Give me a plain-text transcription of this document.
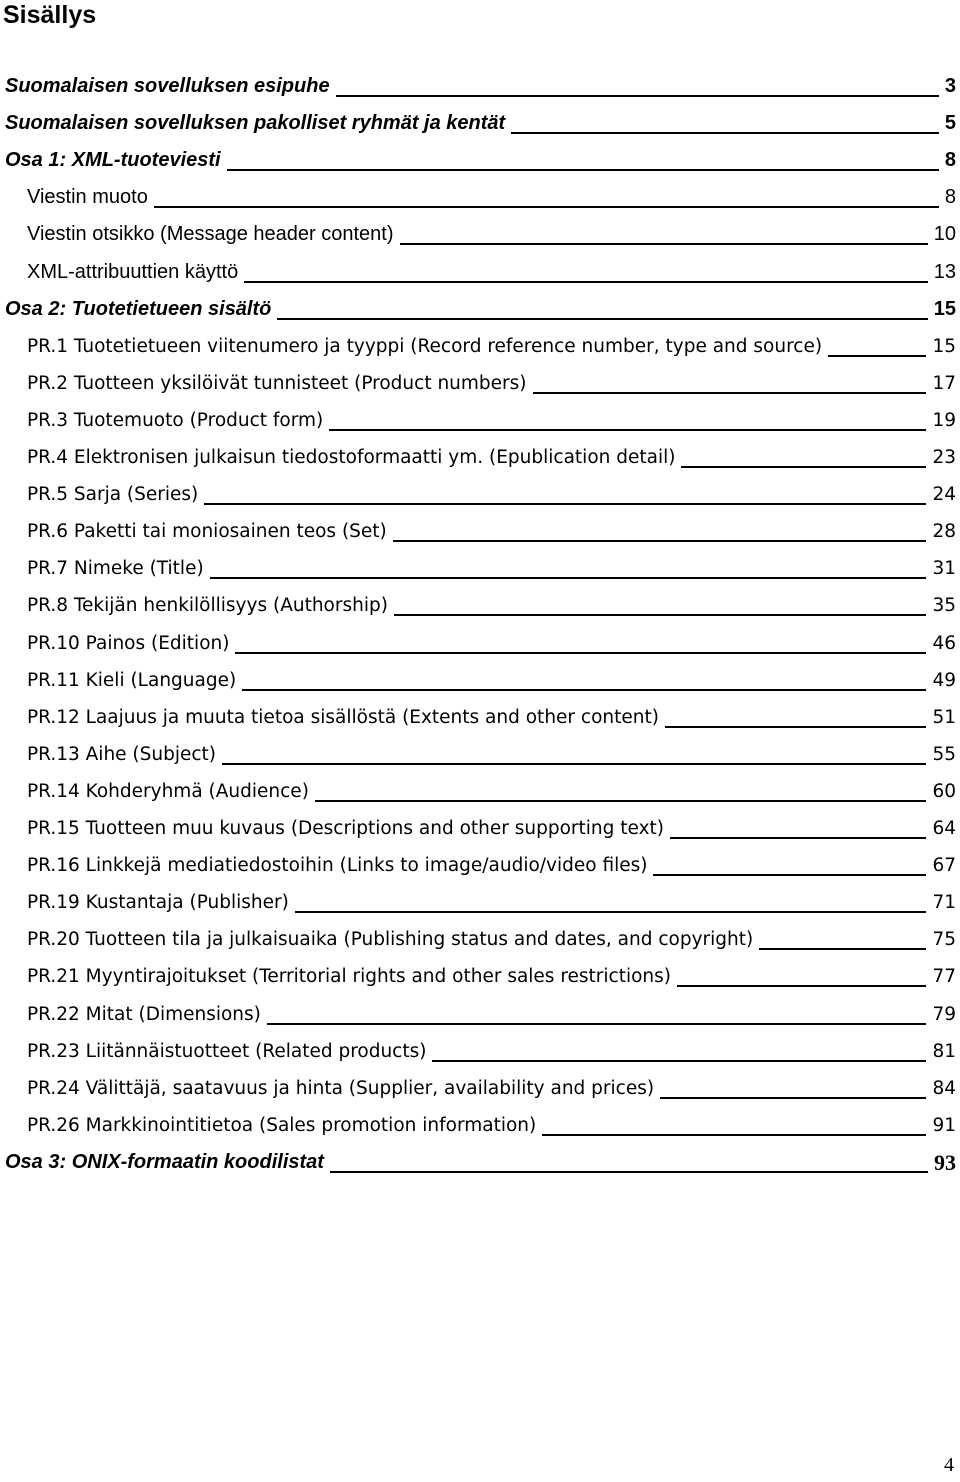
Sisällys
Suomalaisen sovelluksen esipuhe	3
Suomalaisen sovelluksen pakolliset ryhmät ja kentät	5
Osa 1: XML-tuoteviesti	8
Viestin muoto	8
Viestin otsikko (Message header content)	10
XML-attribuuttien käyttö	13
Osa 2: Tuotetietueen sisältö	15
PR.1 Tuotetietueen viitenumero ja tyyppi (Record reference number, type and source)	15
PR.2 Tuotteen yksilöivät tunnisteet (Product numbers)	17
PR.3 Tuotemuoto (Product form)	19
PR.4 Elektronisen julkaisun tiedostoformaatti ym. (Epublication detail)	23
PR.5 Sarja (Series)	24
PR.6 Paketti tai moniosainen teos (Set)	28
PR.7 Nimeke (Title)	31
PR.8 Tekijän henkilöllisyys (Authorship)	35
PR.10 Painos (Edition)	46
PR.11 Kieli (Language)	49
PR.12 Laajuus ja muuta tietoa sisällöstä (Extents and other content)	51
PR.13 Aihe (Subject)	55
PR.14 Kohderyhmä (Audience)	60
PR.15 Tuotteen muu kuvaus (Descriptions and other supporting text)	64
PR.16 Linkkejä mediatiedostoihin (Links to image/audio/video files)	67
PR.19 Kustantaja (Publisher)	71
PR.20 Tuotteen tila ja julkaisuaika (Publishing status and dates, and copyright)	75
PR.21 Myyntirajoitukset (Territorial rights and other sales restrictions)	77
PR.22 Mitat (Dimensions)	79
PR.23 Liitännäistuotteet (Related products)	81
PR.24 Välittäjä, saatavuus ja hinta (Supplier, availability and prices)	84
PR.26 Markkinointitietoa (Sales promotion information)	91
Osa 3: ONIX-formaatin koodilistat	93
4
